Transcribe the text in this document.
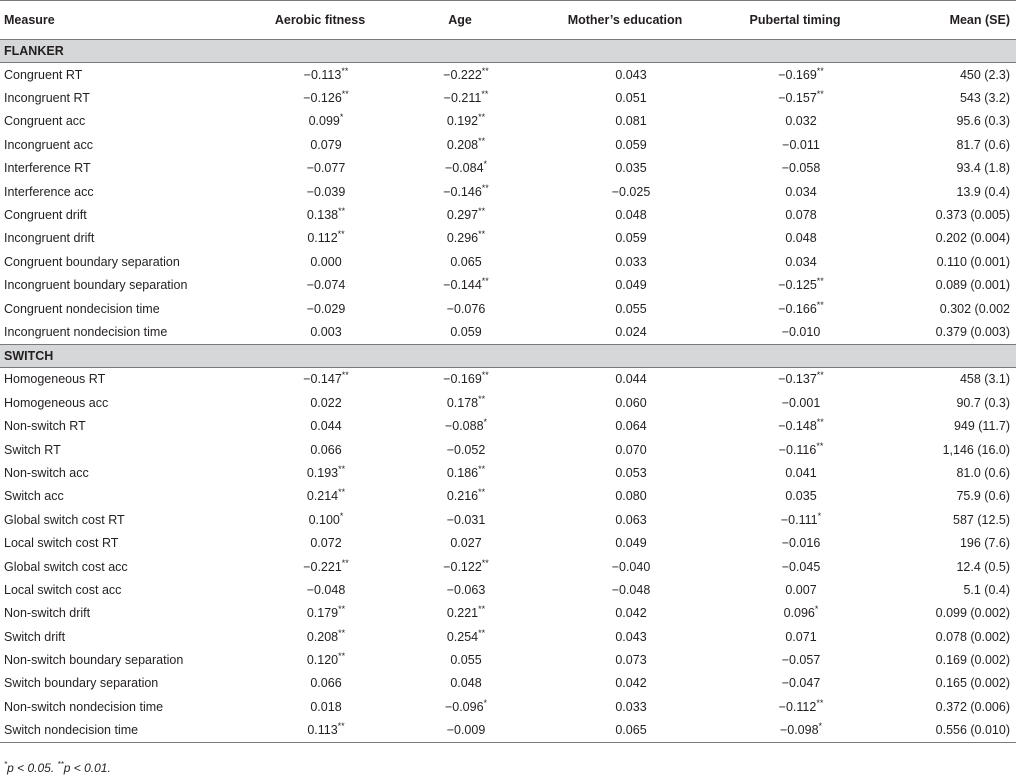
Measure	Aerobic fitness	Age	Mother’s education	Pubertal timing	Mean (SE)
FLANKER					
Congruent RT	−0.113**	−0.222**	0.043	−0.169**	450 (2.3)
Incongruent RT	−0.126**	−0.211**	0.051	−0.157**	543 (3.2)
Congruent acc	0.099*	0.192**	0.081	0.032	95.6 (0.3)
Incongruent acc	0.079	0.208**	0.059	−0.011	81.7 (0.6)
Interference RT	−0.077	−0.084*	0.035	−0.058	93.4 (1.8)
Interference acc	−0.039	−0.146**	−0.025	0.034	13.9 (0.4)
Congruent drift	0.138**	0.297**	0.048	0.078	0.373 (0.005)
Incongruent drift	0.112**	0.296**	0.059	0.048	0.202 (0.004)
Congruent boundary separation	0.000	0.065	0.033	0.034	0.110 (0.001)
Incongruent boundary separation	−0.074	−0.144**	0.049	−0.125**	0.089 (0.001)
Congruent nondecision time	−0.029	−0.076	0.055	−0.166**	0.302 (0.002
Incongruent nondecision time	0.003	0.059	0.024	−0.010	0.379 (0.003)
SWITCH					
Homogeneous RT	−0.147**	−0.169**	0.044	−0.137**	458 (3.1)
Homogeneous acc	0.022	0.178**	0.060	−0.001	90.7 (0.3)
Non-switch RT	0.044	−0.088*	0.064	−0.148**	949 (11.7)
Switch RT	0.066	−0.052	0.070	−0.116**	1,146 (16.0)
Non-switch acc	0.193**	0.186**	0.053	0.041	81.0 (0.6)
Switch acc	0.214**	0.216**	0.080	0.035	75.9 (0.6)
Global switch cost RT	0.100*	−0.031	0.063	−0.111*	587 (12.5)
Local switch cost RT	0.072	0.027	0.049	−0.016	196 (7.6)
Global switch cost acc	−0.221**	−0.122**	−0.040	−0.045	12.4 (0.5)
Local switch cost acc	−0.048	−0.063	−0.048	0.007	5.1 (0.4)
Non-switch drift	0.179**	0.221**	0.042	0.096*	0.099 (0.002)
Switch drift	0.208**	0.254**	0.043	0.071	0.078 (0.002)
Non-switch boundary separation	0.120**	0.055	0.073	−0.057	0.169 (0.002)
Switch boundary separation	0.066	0.048	0.042	−0.047	0.165 (0.002)
Non-switch nondecision time	0.018	−0.096*	0.033	−0.112**	0.372 (0.006)
Switch nondecision time	0.113**	−0.009	0.065	−0.098*	0.556 (0.010)
*p < 0.05. **p < 0.01.
